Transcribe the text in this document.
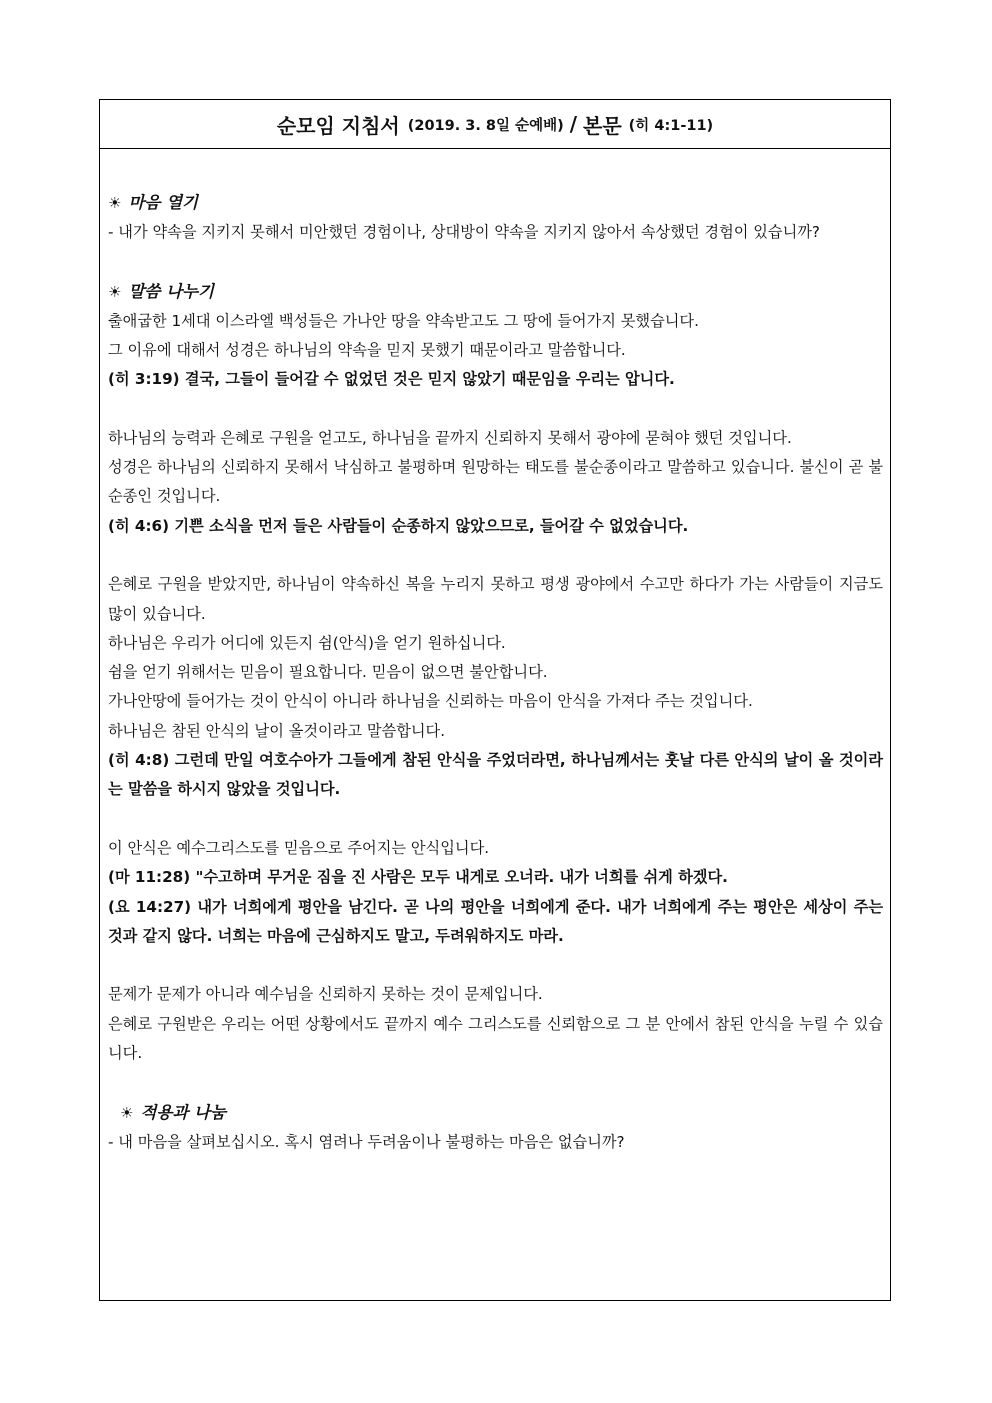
순모임 지침서 (2019. 3. 8일 순예배) / 본문 (히 4:1-11)
☀ 마음 열기

- 내가 약속을 지키지 못해서 미안했던 경험이나, 상대방이 약속을 지키지 않아서 속상했던 경험이 있습니까?

☀ 말씀 나누기

출애굽한 1세대 이스라엘 백성들은 가나안 땅을 약속받고도 그 땅에 들어가지 못했습니다.

그 이유에 대해서 성경은 하나님의 약속을 믿지 못했기 때문이라고 말씀합니다.

(히 3:19) 결국, 그들이 들어갈 수 없었던 것은 믿지 않았기 때문임을 우리는 압니다.

하나님의 능력과 은혜로 구원을 얻고도, 하나님을 끝까지 신뢰하지 못해서 광야에 묻혀야 했던 것입니다.

성경은 하나님의 신뢰하지 못해서 낙심하고 불평하며 원망하는 태도를 불순종이라고 말씀하고 있습니다. 불신이 곧 불순종인 것입니다.

(히 4:6) 기쁜 소식을 먼저 들은 사람들이 순종하지 않았으므로, 들어갈 수 없었습니다.

은혜로 구원을 받았지만, 하나님이 약속하신 복을 누리지 못하고 평생 광야에서 수고만 하다가 가는 사람들이 지금도 많이 있습니다.

하나님은 우리가 어디에 있든지 쉼(안식)을 얻기 원하십니다.

쉼을 얻기 위해서는 믿음이 필요합니다. 믿음이 없으면 불안합니다.

가나안땅에 들어가는 것이 안식이 아니라 하나님을 신뢰하는 마음이 안식을 가져다 주는 것입니다.

하나님은 참된 안식의 날이 올것이라고 말씀합니다.

(히 4:8) 그런데 만일 여호수아가 그들에게 참된 안식을 주었더라면, 하나님께서는 훗날 다른 안식의 날이 올 것이라는 말씀을 하시지 않았을 것입니다.

이 안식은 예수그리스도를 믿음으로 주어지는 안식입니다.

(마 11:28) "수고하며 무거운 짐을 진 사람은 모두 내게로 오너라. 내가 너희를 쉬게 하겠다.

(요 14:27) 내가 너희에게 평안을 남긴다. 곧 나의 평안을 너희에게 준다. 내가 너희에게 주는 평안은 세상이 주는 것과 같지 않다. 너희는 마음에 근심하지도 말고, 두려워하지도 마라.

문제가 문제가 아니라 예수님을 신뢰하지 못하는 것이 문제입니다.

은혜로 구원받은 우리는 어떤 상황에서도 끝까지 예수 그리스도를 신뢰함으로 그 분 안에서 참된 안식을 누릴 수 있습니다.

☀ 적용과 나눔

- 내 마음을 살펴보십시오. 혹시 염려나 두려움이나 불평하는 마음은 없습니까?
